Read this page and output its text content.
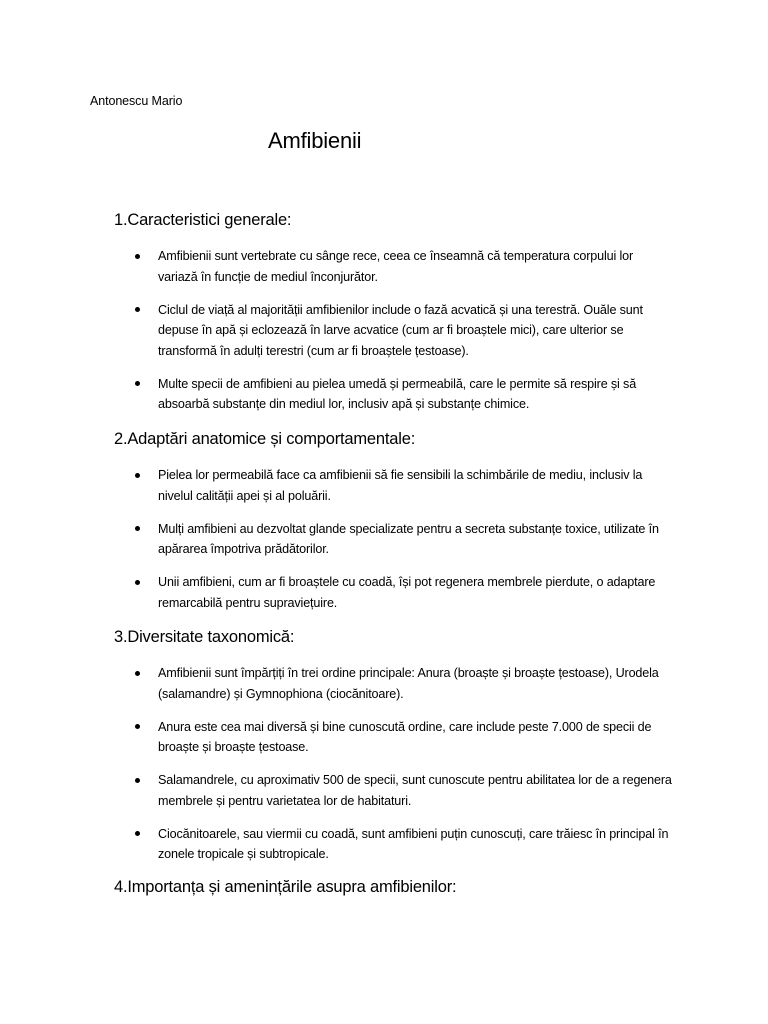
Antonescu Mario
Amfibienii
1.Caracteristici generale:
Amfibienii sunt vertebrate cu sânge rece, ceea ce înseamnă că temperatura corpului lor variază în funcție de mediul înconjurător.
Ciclul de viață al majorității amfibienilor include o fază acvatică și una terestră. Ouăle sunt depuse în apă și eclozează în larve acvatice (cum ar fi broaștele mici), care ulterior se transformă în adulți terestri (cum ar fi broaștele țestoase).
Multe specii de amfibieni au pielea umedă și permeabilă, care le permite să respire și să absoarbă substanțe din mediul lor, inclusiv apă și substanțe chimice.
2.Adaptări anatomice și comportamentale:
Pielea lor permeabilă face ca amfibienii să fie sensibili la schimbările de mediu, inclusiv la nivelul calității apei și al poluării.
Mulți amfibieni au dezvoltat glande specializate pentru a secreta substanțe toxice, utilizate în apărarea împotriva prădătorilor.
Unii amfibieni, cum ar fi broaștele cu coadă, își pot regenera membrele pierdute, o adaptare remarcabilă pentru supraviețuire.
3.Diversitate taxonomică:
Amfibienii sunt împărțiți în trei ordine principale: Anura (broaște și broaște țestoase), Urodela (salamandre) și Gymnophiona (ciocănitoare).
Anura este cea mai diversă și bine cunoscută ordine, care include peste 7.000 de specii de broaște și broaște țestoase.
Salamandrele, cu aproximativ 500 de specii, sunt cunoscute pentru abilitatea lor de a regenera membrele și pentru varietatea lor de habitaturi.
Ciocănitoarele, sau viermii cu coadă, sunt amfibieni puțin cunoscuți, care trăiesc în principal în zonele tropicale și subtropicale.
4.Importanța și amenințările asupra amfibienilor:
